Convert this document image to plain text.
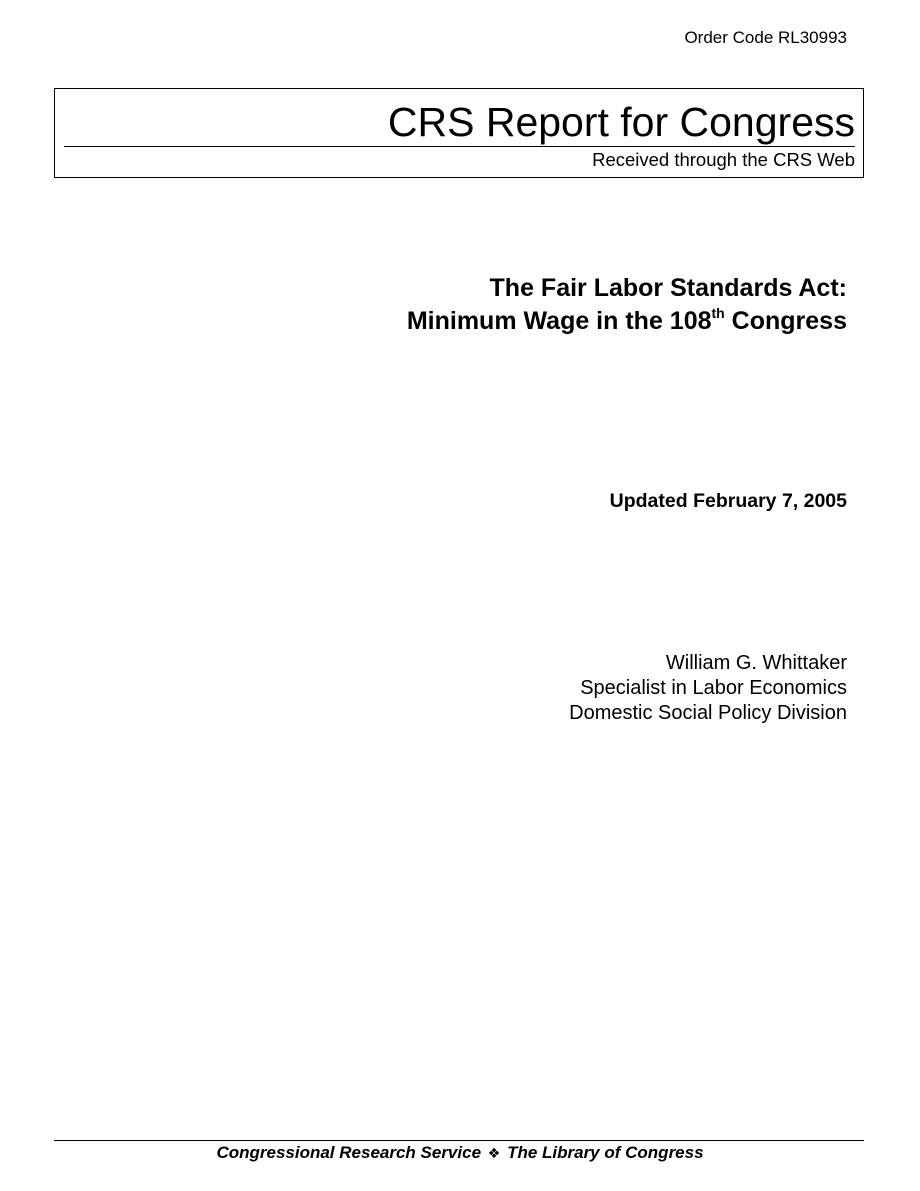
Order Code RL30993
CRS Report for Congress
Received through the CRS Web
The Fair Labor Standards Act:
Minimum Wage in the 108th Congress
Updated February 7, 2005
William G. Whittaker
Specialist in Labor Economics
Domestic Social Policy Division
Congressional Research Service ❖ The Library of Congress
